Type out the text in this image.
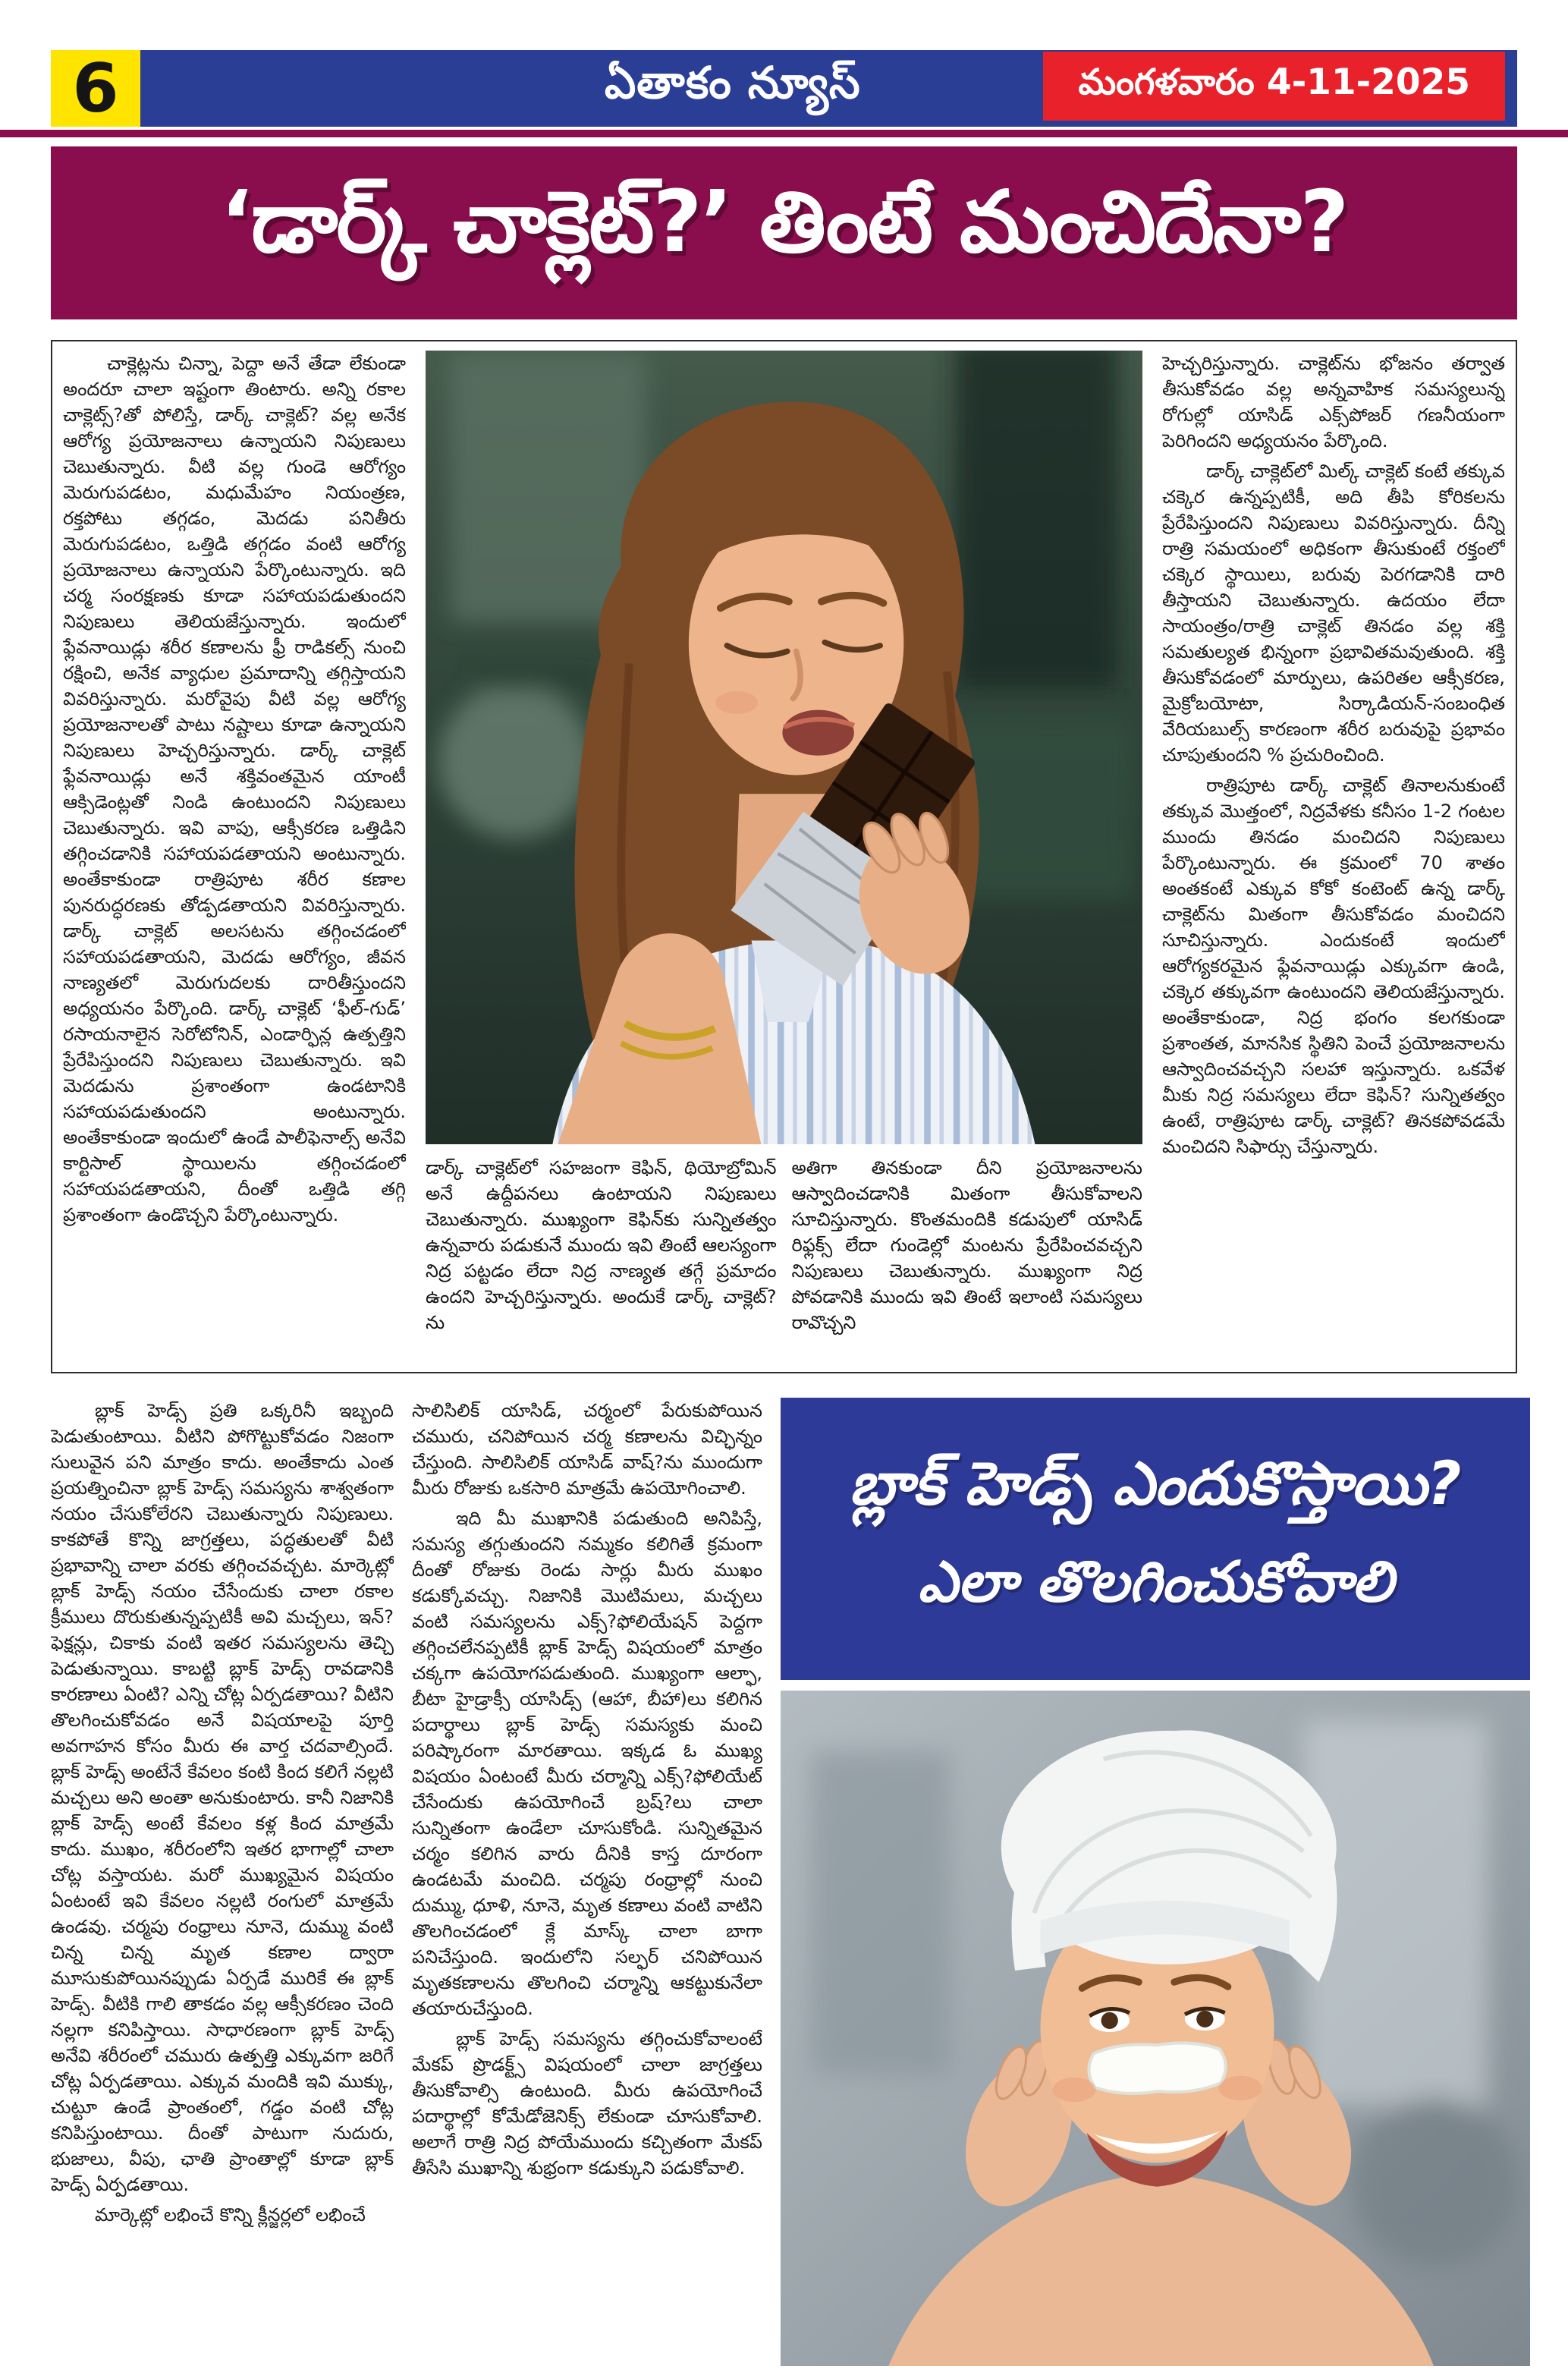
6	ఏతాకం న్యూస్	మంగళవారం 4-11-2025
‘డార్క్ చాక్లెట్?’ తింటే మంచిదేనా?

చాక్లెట్లను చిన్నా, పెద్దా అనే తేడా లేకుండా అందరూ చాలా ఇష్టంగా తింటారు. అన్ని రకాల చాక్లెట్స్?తో పోలిస్తే, డార్క్ చాక్లెట్? వల్ల అనేక ఆరోగ్య ప్రయోజనాలు ఉన్నాయని నిపుణులు చెబుతున్నారు. వీటి వల్ల గుండె ఆరోగ్యం మెరుగుపడటం, మధుమేహం నియంత్రణ, రక్తపోటు తగ్గడం, మెదడు పనితీరు మెరుగుపడటం, ఒత్తిడి తగ్గడం వంటి ఆరోగ్య ప్రయోజనాలు ఉన్నాయని పేర్కొంటున్నారు. ఇది చర్మ సంరక్షణకు కూడా సహాయపడుతుందని నిపుణులు తెలియజేస్తున్నారు. ఇందులో ఫ్లేవనాయిడ్లు శరీర కణాలను ఫ్రీ రాడికల్స్ నుంచి రక్షించి, అనేక వ్యాధుల ప్రమాదాన్ని తగ్గిస్తాయని వివరిస్తున్నారు. మరోవైపు వీటి వల్ల ఆరోగ్య ప్రయోజనాలతో పాటు నష్టాలు కూడా ఉన్నాయని నిపుణులు హెచ్చరిస్తున్నారు. డార్క్ చాక్లెట్ ఫ్లేవనాయిడ్లు అనే శక్తివంతమైన యాంటీ ఆక్సిడెంట్లతో నిండి ఉంటుందని నిపుణులు చెబుతున్నారు. ఇవి వాపు, ఆక్సీకరణ ఒత్తిడిని తగ్గించడానికి సహాయపడతాయని అంటున్నారు. అంతేకాకుండా రాత్రిపూట శరీర కణాల పునరుద్ధరణకు తోడ్పడతాయని వివరిస్తున్నారు. డార్క్ చాక్లెట్ అలసటను తగ్గించడంలో సహాయపడతాయని, మెదడు ఆరోగ్యం, జీవన నాణ్యతలో మెరుగుదలకు దారితీస్తుందని అధ్యయనం పేర్కొంది. డార్క్ చాక్లెట్ ‘ఫీల్-గుడ్’ రసాయనాలైన సెరోటోనిన్, ఎండార్ఫిన్ల ఉత్పత్తిని ప్రేరేపిస్తుందని నిపుణులు చెబుతున్నారు. ఇవి మెదడును ప్రశాంతంగా ఉండటానికి సహాయపడుతుందని అంటున్నారు. అంతేకాకుండా ఇందులో ఉండే పాలీఫెనాల్స్ అనేవి కార్టిసాల్ స్థాయిలను తగ్గించడంలో సహాయపడతాయని, దీంతో ఒత్తిడి తగ్గి ప్రశాంతంగా ఉండొచ్చని పేర్కొంటున్నారు.

డార్క్ చాక్లెట్‌లో సహజంగా కెఫిన్, థియోబ్రోమిన్ అనే ఉద్దీపనలు ఉంటాయని నిపుణులు చెబుతున్నారు. ముఖ్యంగా కెఫిన్‌కు సున్నితత్వం ఉన్నవారు పడుకునే ముందు ఇవి తింటే ఆలస్యంగా నిద్ర పట్టడం లేదా నిద్ర నాణ్యత తగ్గే ప్రమాదం ఉందని హెచ్చరిస్తున్నారు. అందుకే డార్క్ చాక్లెట్?ను
అతిగా తినకుండా దీని ప్రయోజనాలను ఆస్వాదించడానికి మితంగా తీసుకోవాలని సూచిస్తున్నారు. కొంతమందికి కడుపులో యాసిడ్ రిఫ్లక్స్ లేదా గుండెల్లో మంటను ప్రేరేపించవచ్చని నిపుణులు చెబుతున్నారు. ముఖ్యంగా నిద్ర పోవడానికి ముందు ఇవి తింటే ఇలాంటి సమస్యలు రావొచ్చని

హెచ్చరిస్తున్నారు. చాక్లెట్‌ను భోజనం తర్వాత తీసుకోవడం వల్ల అన్నవాహిక సమస్యలున్న రోగుల్లో యాసిడ్ ఎక్స్‌పోజర్ గణనీయంగా పెరిగిందని అధ్యయనం పేర్కొంది.

డార్క్ చాక్లెట్‌లో మిల్క్ చాక్లెట్ కంటే తక్కువ చక్కెర ఉన్నప్పటికీ, అది తీపి కోరికలను ప్రేరేపిస్తుందని నిపుణులు వివరిస్తున్నారు. దీన్ని రాత్రి సమయంలో అధికంగా తీసుకుంటే రక్తంలో చక్కెర స్థాయిలు, బరువు పెరగడానికి దారి తీస్తాయని చెబుతున్నారు. ఉదయం లేదా సాయంత్రం/రాత్రి చాక్లెట్ తినడం వల్ల శక్తి సమతుల్యత భిన్నంగా ప్రభావితమవుతుంది. శక్తి తీసుకోవడంలో మార్పులు, ఉపరితల ఆక్సీకరణ, మైక్రోబయోటా, సిర్కాడియన్-సంబంధిత వేరియబుల్స్ కారణంగా శరీర బరువుపై ప్రభావం చూపుతుందని % ప్రచురించింది.

రాత్రిపూట డార్క్ చాక్లెట్ తినాలనుకుంటే తక్కువ మొత్తంలో, నిద్రవేళకు కనీసం 1-2 గంటల ముందు తినడం మంచిదని నిపుణులు పేర్కొంటున్నారు. ఈ క్రమంలో 70 శాతం అంతకంటే ఎక్కువ కోకో కంటెంట్ ఉన్న డార్క్ చాక్లెట్‌ను మితంగా తీసుకోవడం మంచిదని సూచిస్తున్నారు. ఎందుకంటే ఇందులో ఆరోగ్యకరమైన ఫ్లేవనాయిడ్లు ఎక్కువగా ఉండి, చక్కెర తక్కువగా ఉంటుందని తెలియజేస్తున్నారు. అంతేకాకుండా, నిద్ర భంగం కలగకుండా ప్రశాంతత, మానసిక స్థితిని పెంచే ప్రయోజనాలను ఆస్వాదించవచ్చని సలహా ఇస్తున్నారు. ఒకవేళ మీకు నిద్ర సమస్యలు లేదా కెఫిన్? సున్నితత్వం ఉంటే, రాత్రిపూట డార్క్ చాక్లెట్? తినకపోవడమే మంచిదని సిఫార్సు చేస్తున్నారు.

బ్లాక్ హెడ్స్ ప్రతి ఒక్కరినీ ఇబ్బంది పెడుతుంటాయి. వీటిని పోగొట్టుకోవడం నిజంగా సులువైన పని మాత్రం కాదు. అంతేకాదు ఎంత ప్రయత్నించినా బ్లాక్ హెడ్స్ సమస్యను శాశ్వతంగా నయం చేసుకోలేరని చెబుతున్నారు నిపుణులు. కాకపోతే కొన్ని జాగ్రత్తలు, పద్ధతులతో వీటి ప్రభావాన్ని చాలా వరకు తగ్గించవచ్చట. మార్కెట్లో బ్లాక్ హెడ్స్ నయం చేసేందుకు చాలా రకాల క్రీములు దొరుకుతున్నప్పటికీ అవి మచ్చలు, ఇన్?ఫెక్షన్లు, చికాకు వంటి ఇతర సమస్యలను తెచ్చి పెడుతున్నాయి. కాబట్టి బ్లాక్ హెడ్స్ రావడానికి కారణాలు ఏంటి? ఎన్ని చోట్ల ఏర్పడతాయి? వీటిని తొలగించుకోవడం అనే విషయాలపై పూర్తి అవగాహన కోసం మీరు ఈ వార్త చదవాల్సిందే. బ్లాక్ హెడ్స్ అంటేనే కేవలం కంటి కింద కలిగే నల్లటి మచ్చలు అని అంతా అనుకుంటారు. కానీ నిజానికి బ్లాక్ హెడ్స్ అంటే కేవలం కళ్ల కింద మాత్రమే కాదు. ముఖం, శరీరంలోని ఇతర భాగాల్లో చాలా చోట్ల వస్తాయట. మరో ముఖ్యమైన విషయం ఏంటంటే ఇవి కేవలం నల్లటి రంగులో మాత్రమే ఉండవు. చర్మపు రంధ్రాలు నూనె, దుమ్ము వంటి చిన్న చిన్న మృత కణాల ద్వారా మూసుకుపోయినప్పుడు ఏర్పడే మురికే ఈ బ్లాక్ హెడ్స్. వీటికి గాలి తాకడం వల్ల ఆక్సీకరణం చెంది నల్లగా కనిపిస్తాయి. సాధారణంగా బ్లాక్ హెడ్స్ అనేవి శరీరంలో చమురు ఉత్పత్తి ఎక్కువగా జరిగే చోట్ల ఏర్పడతాయి. ఎక్కువ మందికి ఇవి ముక్కు, చుట్టూ ఉండే ప్రాంతంలో, గడ్డం వంటి చోట్ల కనిపిస్తుంటాయి. దీంతో పాటుగా నుదురు, భుజాలు, వీపు, ఛాతి ప్రాంతాల్లో కూడా బ్లాక్ హెడ్స్ ఏర్పడతాయి.

మార్కెట్లో లభించే కొన్ని క్లీన్జర్లలో లభించే

సాలిసిలిక్ యాసిడ్, చర్మంలో పేరుకుపోయిన చమురు, చనిపోయిన చర్మ కణాలను విచ్ఛిన్నం చేస్తుంది. సాలిసిలిక్ యాసిడ్ వాష్?ను ముందుగా మీరు రోజుకు ఒకసారి మాత్రమే ఉపయోగించాలి.

ఇది మీ ముఖానికి పడుతుంది అనిపిస్తే, సమస్య తగ్గుతుందని నమ్మకం కలిగితే క్రమంగా దీంతో రోజుకు రెండు సార్లు మీరు ముఖం కడుక్కోవచ్చు. నిజానికి మొటిమలు, మచ్చలు వంటి సమస్యలను ఎక్స్?ఫోలియేషన్ పెద్దగా తగ్గించలేనప్పటికీ బ్లాక్ హెడ్స్ విషయంలో మాత్రం చక్కగా ఉపయోగపడుతుంది. ముఖ్యంగా ఆల్ఫా, బీటా హైడ్రాక్సీ యాసిడ్స్ (ఆహా, బీహా)లు కలిగిన పదార్థాలు బ్లాక్ హెడ్స్ సమస్యకు మంచి పరిష్కారంగా మారతాయి. ఇక్కడ ఓ ముఖ్య విషయం ఏంటంటే మీరు చర్మాన్ని ఎక్స్?ఫోలియేట్ చేసేందుకు ఉపయోగించే బ్రష్?లు చాలా సున్నితంగా ఉండేలా చూసుకోండి. సున్నితమైన చర్మం కలిగిన వారు దీనికి కాస్త దూరంగా ఉండటమే మంచిది. చర్మపు రంధ్రాల్లో నుంచి దుమ్ము, ధూళి, నూనె, మృత కణాలు వంటి వాటిని తొలగించడంలో క్లే మాస్క్ చాలా బాగా పనిచేస్తుంది. ఇందులోని సల్ఫర్ చనిపోయిన మృతకణాలను తొలగించి చర్మాన్ని ఆకట్టుకునేలా తయారుచేస్తుంది.

బ్లాక్ హెడ్స్ సమస్యను తగ్గించుకోవాలంటే మేకప్ ప్రొడక్ట్స్ విషయంలో చాలా జాగ్రత్తలు తీసుకోవాల్సి ఉంటుంది. మీరు ఉపయోగించే పదార్థాల్లో కోమేడోజెనిక్స్ లేకుండా చూసుకోవాలి. అలాగే రాత్రి నిద్ర పోయేముందు కచ్చితంగా మేకప్ తీసేసి ముఖాన్ని శుభ్రంగా కడుక్కుని పడుకోవాలి.

బ్లాక్ హెడ్స్ ఎందుకొస్తాయి?
ఎలా తొలగించుకోవాలి
